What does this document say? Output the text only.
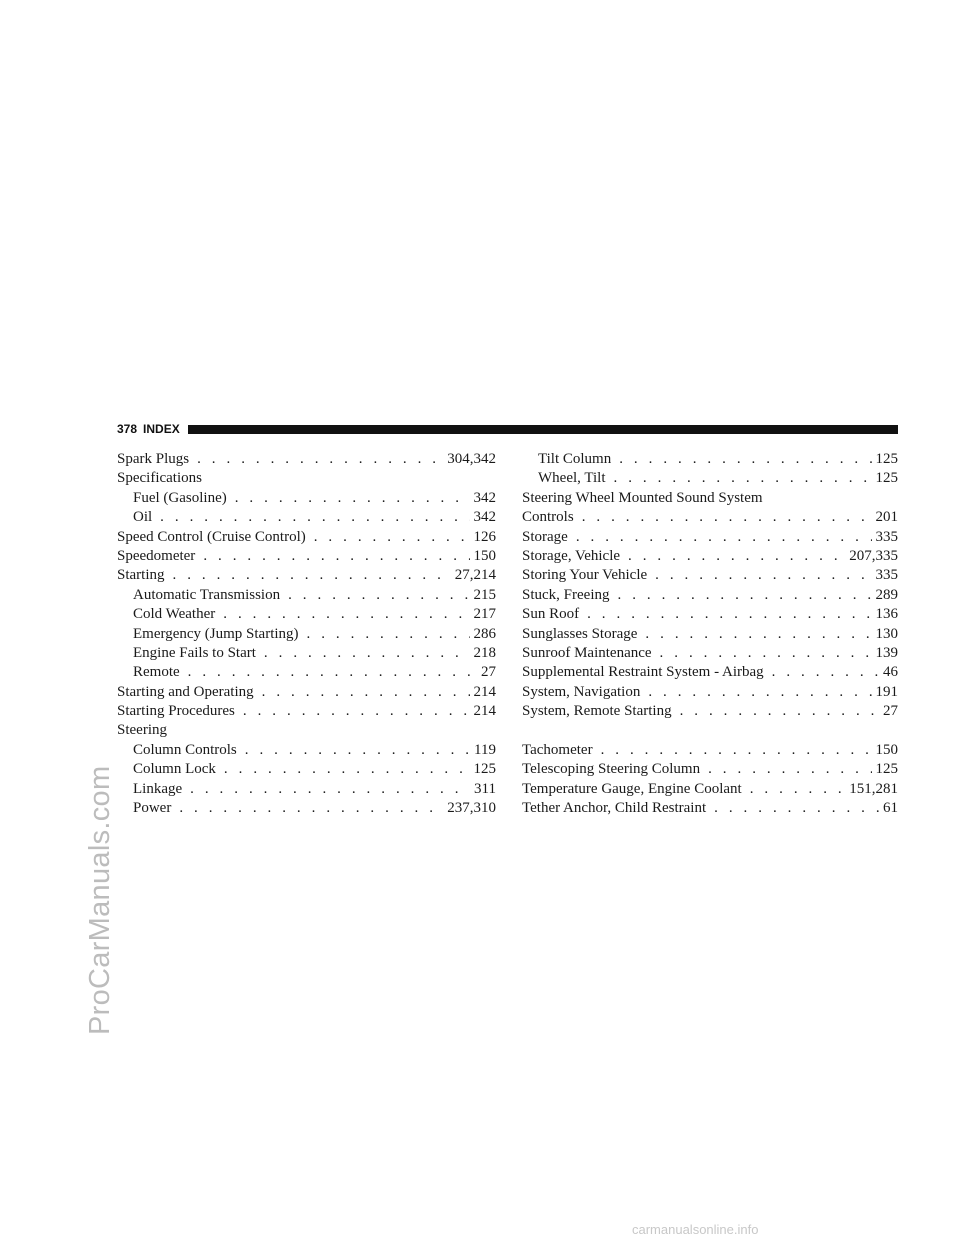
ProCarManuals.com
carmanualsonline.info
378 INDEX
Spark Plugs . . .	304,342
Specifications
Fuel (Gasoline) . . .	342
Oil . . .	342
Speed Control (Cruise Control) . . .	126
Speedometer . . .	150
Starting . . .	27,214
Automatic Transmission . . .	215
Cold Weather . . .	217
Emergency (Jump Starting) . . .	286
Engine Fails to Start . . .	218
Remote . . .	27
Starting and Operating . . .	214
Starting Procedures . . .	214
Steering
Column Controls . . .	119
Column Lock . . .	125
Linkage . . .	311
Power . . .	237,310
Tilt Column . . .	125
Wheel, Tilt . . .	125
Steering Wheel Mounted Sound System
Controls . . .	201
Storage . . .	335
Storage, Vehicle . . .	207,335
Storing Your Vehicle . . .	335
Stuck, Freeing . . .	289
Sun Roof . . .	136
Sunglasses Storage . . .	130
Sunroof Maintenance . . .	139
Supplemental Restraint System - Airbag . . .	46
System, Navigation . . .	191
System, Remote Starting . . .	27
Tachometer . . .	150
Telescoping Steering Column . . .	125
Temperature Gauge, Engine Coolant . . .	151,281
Tether Anchor, Child Restraint . . .	61
